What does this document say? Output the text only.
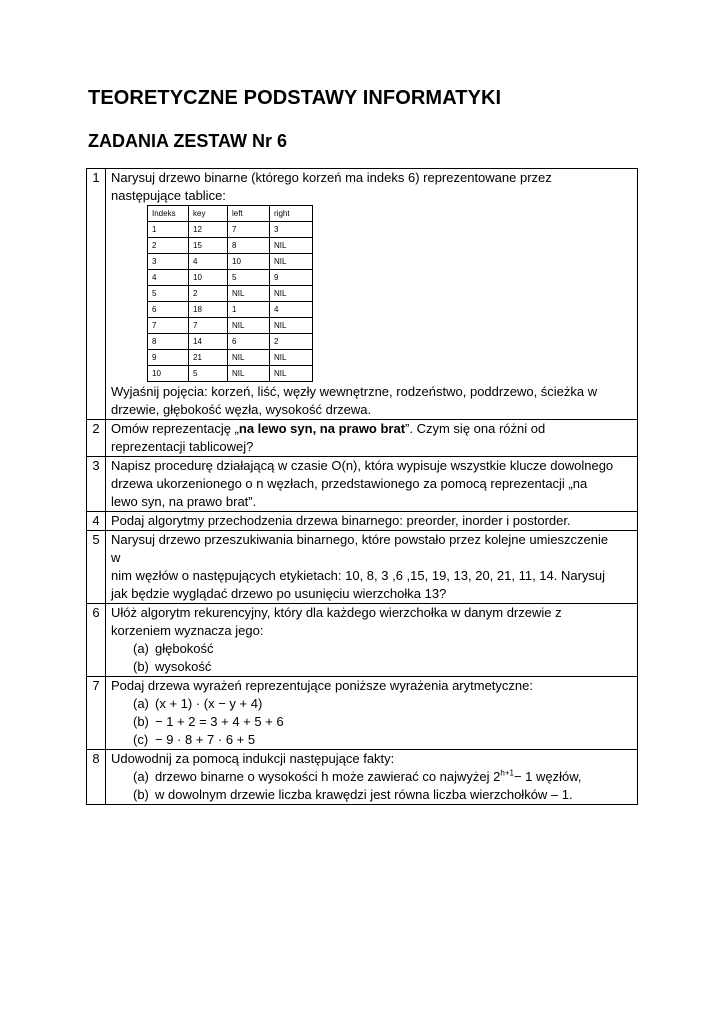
TEORETYCZNE PODSTAWY INFORMATYKI
ZADANIA ZESTAW Nr 6
1	Narysuj drzewo binarne (którego korzeń ma indeks 6) reprezentowane przez
następujące tablice:
Indeks	key	left	right
1	12	7	3
2	15	8	NIL
3	4	10	NIL
4	10	5	9
5	2	NIL	NIL
6	18	1	4
7	7	NIL	NIL
8	14	6	2
9	21	NIL	NIL
10	5	NIL	NIL
Wyjaśnij pojęcia: korzeń, liść, węzły wewnętrzne, rodzeństwo, poddrzewo, ścieżka w
drzewie, głębokość węzła, wysokość drzewa.

2	Omów reprezentację „na lewo syn, na prawo brat”. Czym się ona różni od
reprezentacji tablicowej?

3	Napisz procedurę działającą w czasie O(n), która wypisuje wszystkie klucze dowolnego
drzewa ukorzenionego o n węzłach, przedstawionego za pomocą reprezentacji „na
lewo syn, na prawo brat”.

4	Podaj algorytmy przechodzenia drzewa binarnego: preorder, inorder i postorder.

5	Narysuj drzewo przeszukiwania binarnego, które powstało przez kolejne umieszczenie
w
nim węzłów o następujących etykietach: 10, 8, 3 ,6 ,15, 19, 13, 20, 21, 11, 14. Narysuj
jak będzie wyglądać drzewo po usunięciu wierzchołka 13?

6	Ułóż algorytm rekurencyjny, który dla każdego wierzchołka w danym drzewie z
korzeniem wyznacza jego:
(a) głębokość
(b) wysokość

7	Podaj drzewa wyrażeń reprezentujące poniższe wyrażenia arytmetyczne:
(a) (x + 1) · (x − y + 4)
(b) − 1 + 2 = 3 + 4 + 5 + 6
(c) − 9 · 8 + 7 · 6 + 5

8	Udowodnij za pomocą indukcji następujące fakty:
(a) drzewo binarne o wysokości h może zawierać co najwyżej $2^{h+1}- 1$ węzłów,
(b) w dowolnym drzewie liczba krawędzi jest równa liczba wierzchołków – 1.
